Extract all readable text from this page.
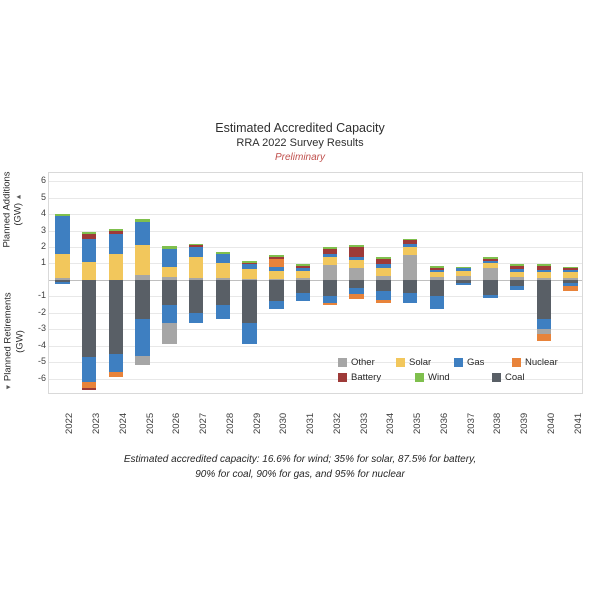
Estimated Accredited Capacity
RRA 2022 Survey Results
Preliminary
Planned Additions (GW) ▲
▼ Planned Retirements (GW)
6
5
4
3
2
1
-1
-2
-3
-4
-5
-6
2022 2023 2024 2025 2026 2027 2028 2029 2030 2031 2032 2033 2034 2035 2036 2037 2038 2039 2040 2041
Other	Solar	Gas	Nuclear
Battery	Wind	Coal
Estimated accredited capacity: 16.6% for wind; 35% for solar, 87.5% for battery,
90% for coal, 90% for gas, and 95% for nuclear
